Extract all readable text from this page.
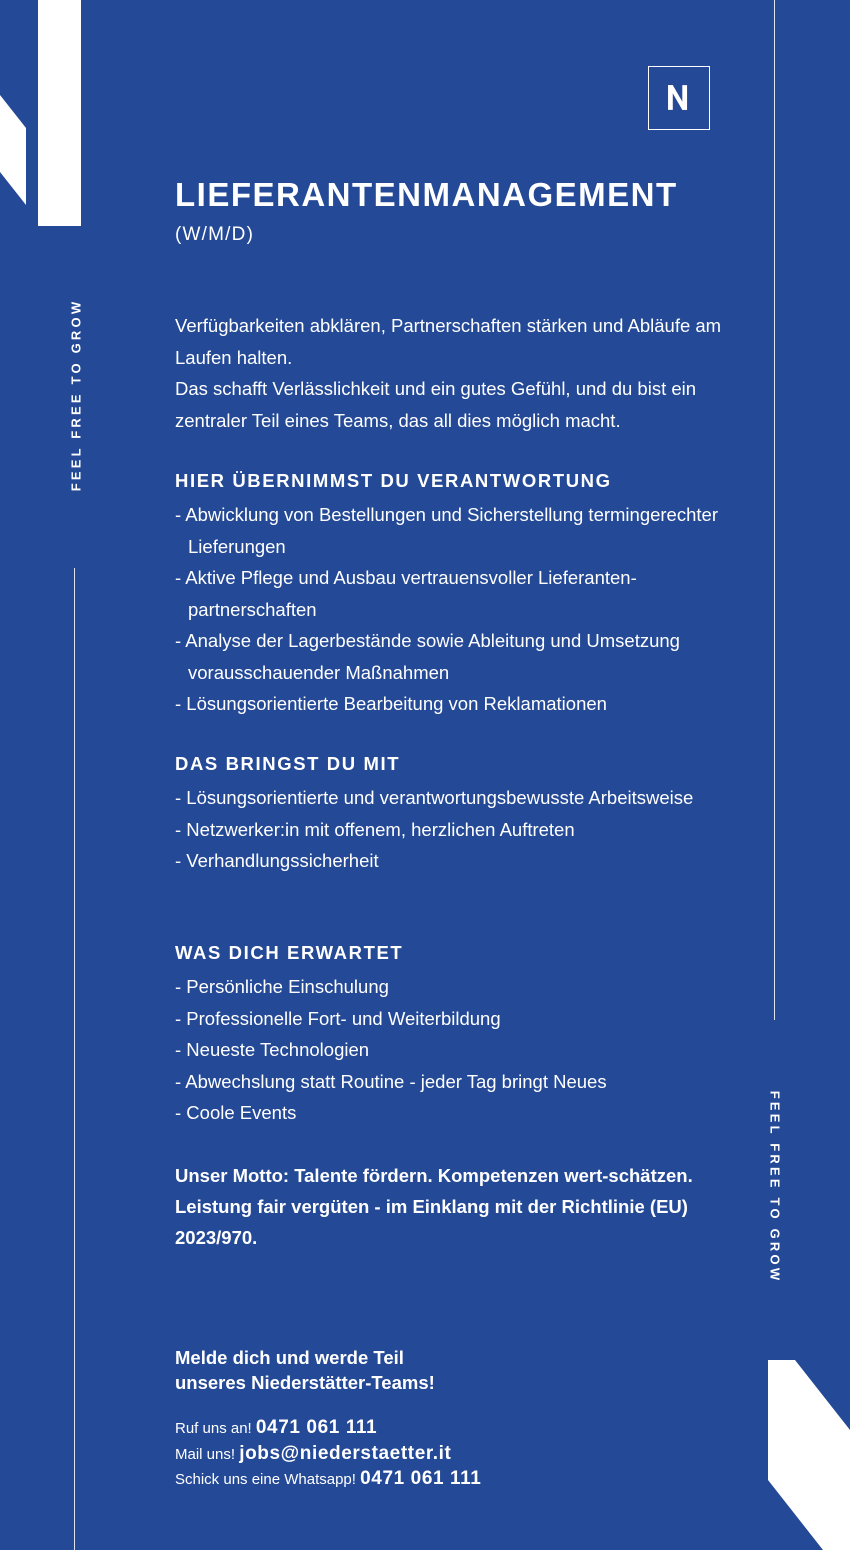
FEEL FREE TO GROW
FEEL FREE TO GROW
LIEFERANTENMANAGEMENT
(W/M/D)

Verfügbarkeiten abklären, Partnerschaften stärken und Abläufe am Laufen halten.

Das schafft Verlässlichkeit und ein gutes Gefühl, und du bist ein zentraler Teil eines Teams, das all dies möglich macht.

HIER ÜBERNIMMST DU VERANTWORTUNG
- Abwicklung von Bestellungen und Sicherstellung termingerechter Lieferungen
- Aktive Pflege und Ausbau vertrauensvoller Lieferanten-partnerschaften
- Analyse der Lagerbestände sowie Ableitung und Umsetzung vorausschauender Maßnahmen
- Lösungsorientierte Bearbeitung von Reklamationen
DAS BRINGST DU MIT
- Lösungsorientierte und verantwortungsbewusste Arbeitsweise
- Netzwerker:in mit offenem, herzlichen Auftreten
- Verhandlungssicherheit
WAS DICH ERWARTET
- Persönliche Einschulung
- Professionelle Fort- und Weiterbildung
- Neueste Technologien
- Abwechslung statt Routine - jeder Tag bringt Neues
- Coole Events

Unser Motto: Talente fördern. Kompetenzen wert-schätzen. Leistung fair vergüten - im Einklang mit der Richtlinie (EU) 2023/970.

Melde dich und werde Teil
unseres Niederstätter-Teams!

Ruf uns an! 0471 061 111
Mail uns! jobs@niederstaetter.it
Schick uns eine Whatsapp! 0471 061 111
